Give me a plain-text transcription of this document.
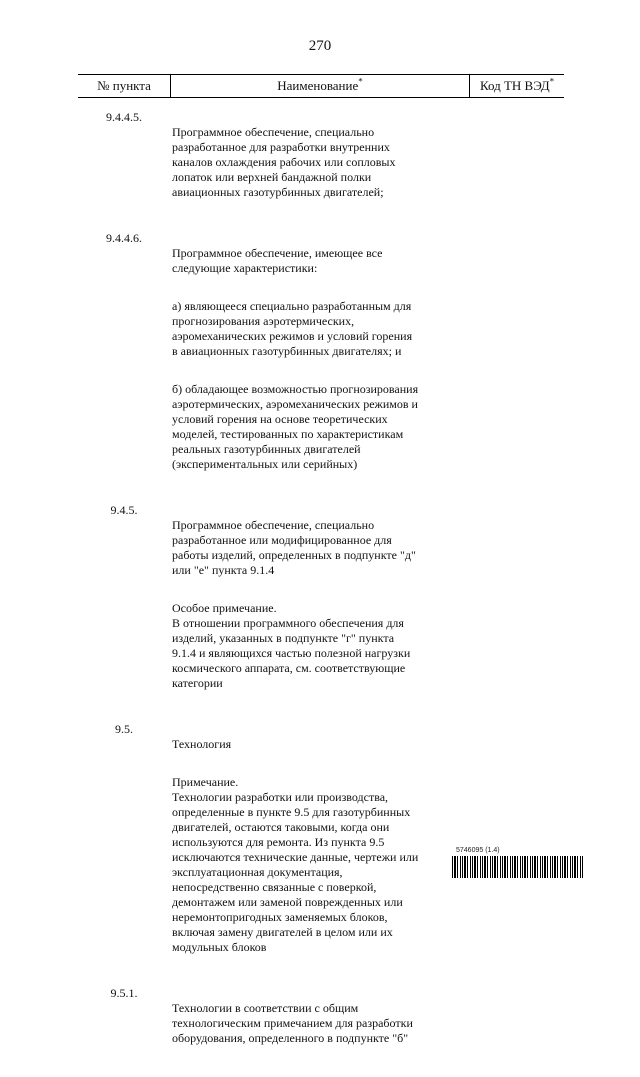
270
№ пункта	Наименование*	Код ТН ВЭД*
9.4.4.5.

Программное обеспечение, специально
разработанное для разработки внутренних
каналов охлаждения рабочих или сопловых
лопаток или верхней бандажной полки
авиационных газотурбинных двигателей;

9.4.4.6.

Программное обеспечение, имеющее все
следующие характеристики:

а) являющееся специально разработанным для
прогнозирования аэротермических,
аэромеханических режимов и условий горения
в авиационных газотурбинных двигателях; и

б) обладающее возможностью прогнозирования
аэротермических, аэромеханических режимов и
условий горения на основе теоретических
моделей, тестированных по характеристикам
реальных газотурбинных двигателей
(экспериментальных или серийных)

9.4.5.

Программное обеспечение, специально
разработанное или модифицированное для
работы изделий, определенных в подпункте "д"
или "е" пункта 9.1.4

Особое примечание.
В отношении программного обеспечения для
изделий, указанных в подпункте "г" пункта
9.1.4 и являющихся частью полезной нагрузки
космического аппарата, см. соответствующие
категории

9.5.

Технология

Примечание.
Технологии разработки или производства,
определенные в пункте 9.5 для газотурбинных
двигателей, остаются таковыми, когда они
используются для ремонта. Из пункта 9.5
исключаются технические данные, чертежи или
эксплуатационная документация,
непосредственно связанные с поверкой,
демонтажем или заменой поврежденных или
неремонтопригодных заменяемых блоков,
включая замену двигателей в целом или их
модульных блоков

9.5.1.

Технологии в соответствии с общим
технологическим примечанием для разработки
оборудования, определенного в подпункте "б"

5746095 (1.4)
